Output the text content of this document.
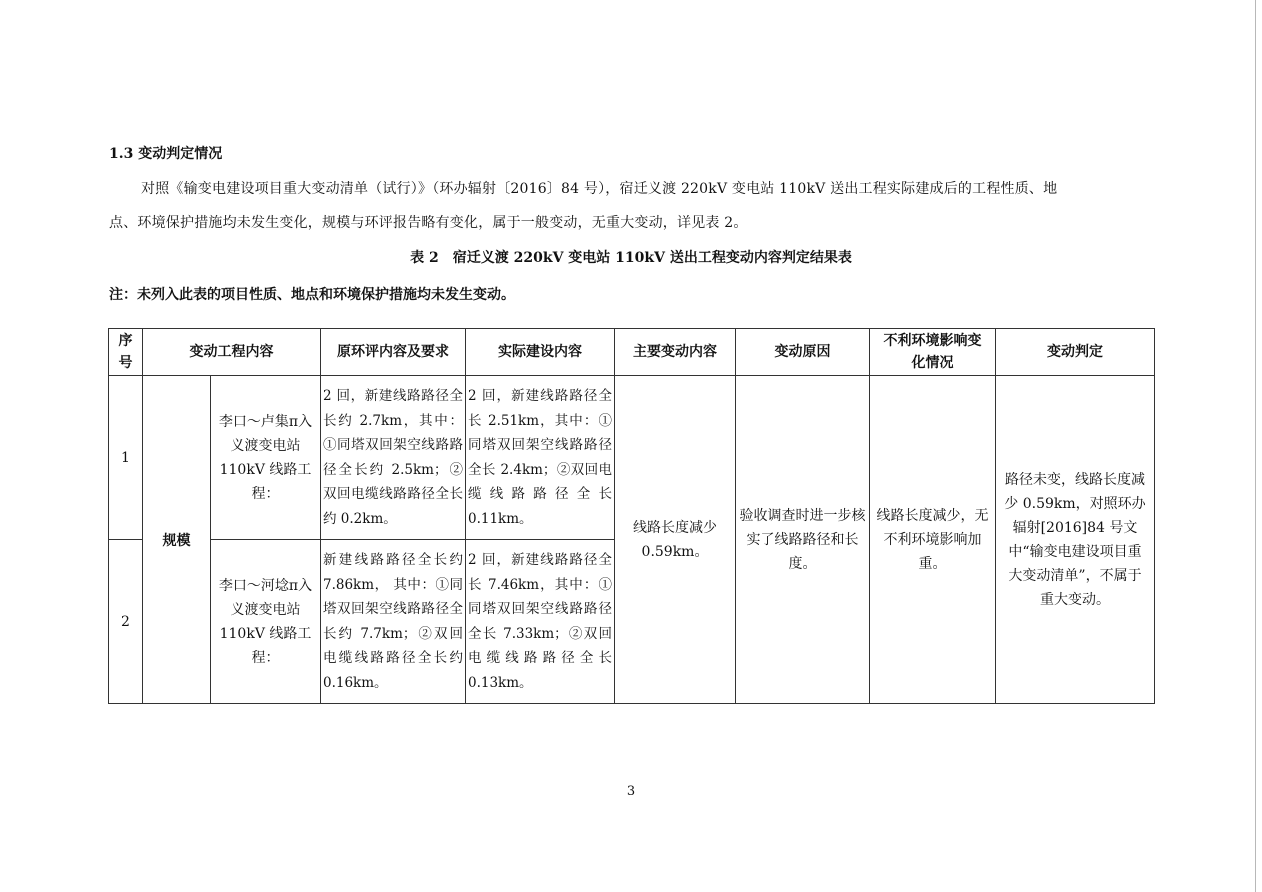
1.3 变动判定情况
对照《输变电建设项目重大变动清单（试行）》（环办辐射〔2016〕84 号），宿迁义渡 220kV 变电站 110kV 送出工程实际建成后的工程性质、地
点、环境保护措施均未发生变化，规模与环评报告略有变化，属于一般变动，无重大变动，详见表 2。
表 2　宿迁义渡 220kV 变电站 110kV 送出工程变动内容判定结果表
注：未列入此表的项目性质、地点和环境保护措施均未发生变动。
序号	变动工程内容		原环评内容及要求	实际建设内容	主要变动内容	变动原因	不利环境影响变化情况	变动判定
1	规模	李口～卢集π入义渡变电站110kV 线路工程：	2 回，新建线路路径全长约 2.7km，其中：①同塔双回架空线路路径全长约 2.5km；②双回电缆线路路径全长约 0.2km。	2 回，新建线路路径全长 2.51km，其中：①同塔双回架空线路路径全长 2.4km；②双回电缆线路路径全长 0.11km。	线路长度减少 0.59km。	验收调查时进一步核实了线路路径和长度。	线路长度减少，无不利环境影响加重。	路径未变，线路长度减少 0.59km，对照环办辐射[2016]84 号文中“输变电建设项目重大变动清单”，不属于重大变动。
2		李口～河埝π入义渡变电站110kV 线路工程：	新建线路路径全长约 7.86km， 其中：①同塔双回架空线路路径全长约 7.7km；②双回电缆线路路径全长约 0.16km。	2 回，新建线路路径全长 7.46km，其中：①同塔双回架空线路路径全长 7.33km；②双回电缆线路路径全长 0.13km。				
3
